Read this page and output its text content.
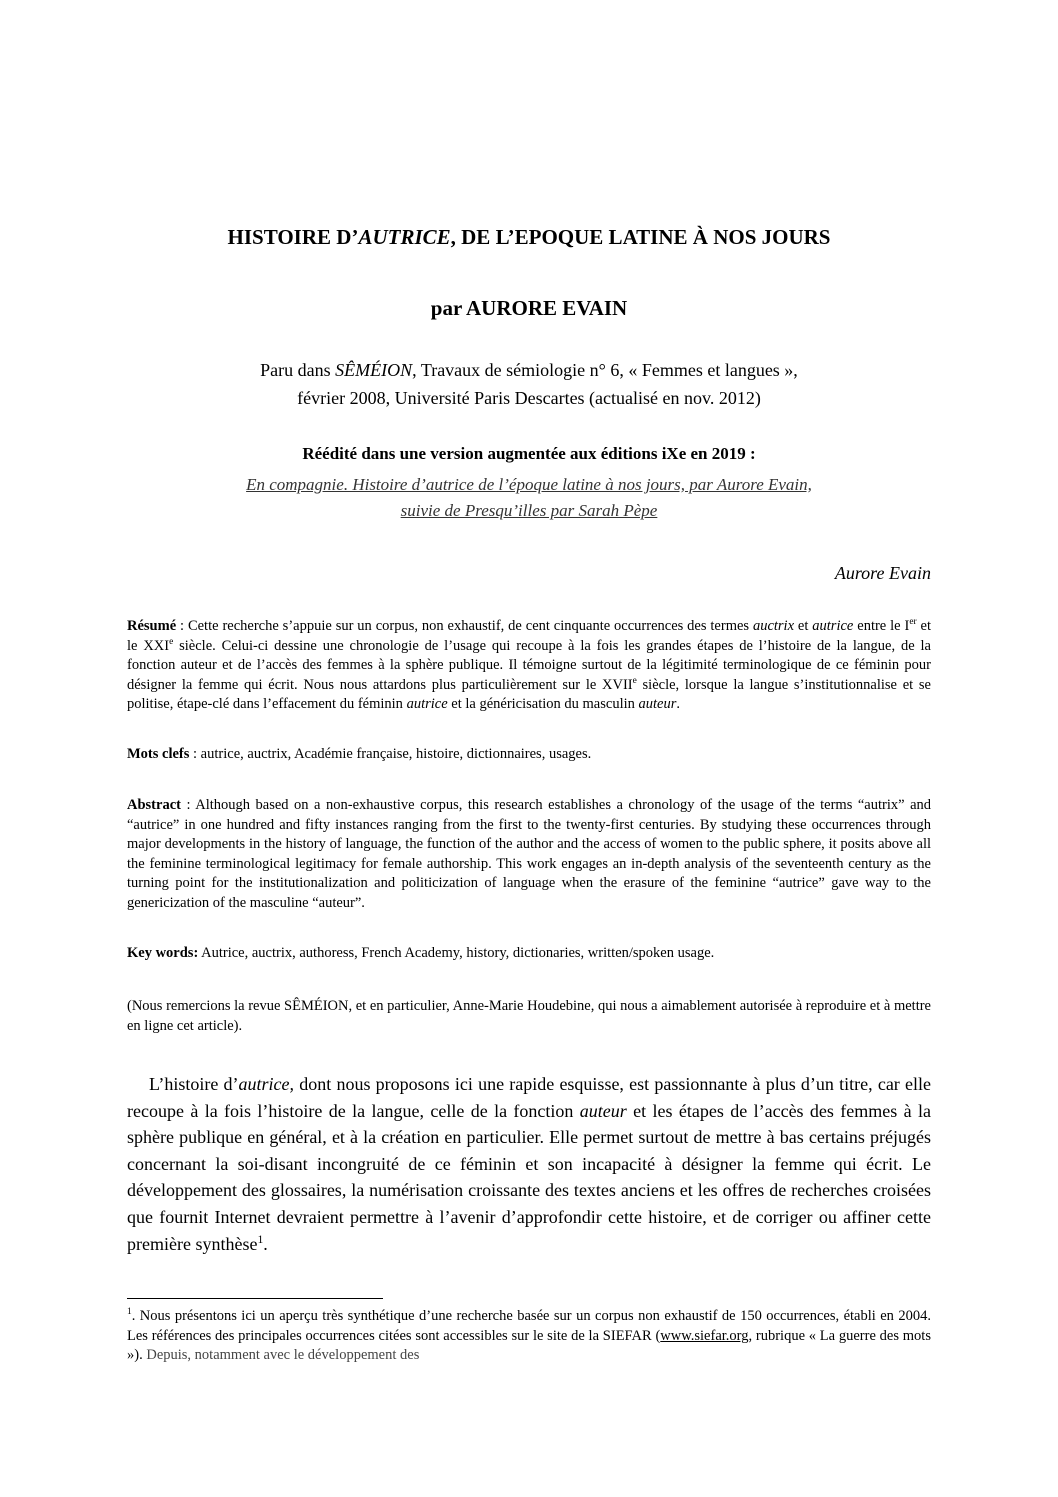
HISTOIRE D’AUTRICE, DE L’EPOQUE LATINE À NOS JOURS
par AURORE EVAIN
Paru dans SÊMÉION, Travaux de sémiologie n° 6, « Femmes et langues »,
février 2008, Université Paris Descartes (actualisé en nov. 2012)
Réédité dans une version augmentée aux éditions iXe en 2019 :
En compagnie. Histoire d’autrice de l’époque latine à nos jours, par Aurore Evain,
suivie de Presqu’illes par Sarah Pèpe
Aurore Evain
Résumé : Cette recherche s’appuie sur un corpus, non exhaustif, de cent cinquante occurrences des termes auctrix et autrice entre le Ier et le XXIe siècle. Celui-ci dessine une chronologie de l’usage qui recoupe à la fois les grandes étapes de l’histoire de la langue, de la fonction auteur et de l’accès des femmes à la sphère publique. Il témoigne surtout de la légitimité terminologique de ce féminin pour désigner la femme qui écrit. Nous nous attardons plus particulièrement sur le XVIIe siècle, lorsque la langue s’institutionnalise et se politise, étape-clé dans l’effacement du féminin autrice et la généricisation du masculin auteur.
Mots clefs : autrice, auctrix, Académie française, histoire, dictionnaires, usages.
Abstract : Although based on a non-exhaustive corpus, this research establishes a chronology of the usage of the terms “autrix” and “autrice” in one hundred and fifty instances ranging from the first to the twenty-first centuries. By studying these occurrences through major developments in the history of language, the function of the author and the access of women to the public sphere, it posits above all the feminine terminological legitimacy for female authorship. This work engages an in-depth analysis of the seventeenth century as the turning point for the institutionalization and politicization of language when the erasure of the feminine “autrice” gave way to the genericization of the masculine “auteur”.
Key words: Autrice, auctrix, authoress, French Academy, history, dictionaries, written/spoken usage.
(Nous remercions la revue SÊMÉION, et en particulier, Anne-Marie Houdebine, qui nous a aimablement autorisée à reproduire et à mettre en ligne cet article).
L’histoire d’autrice, dont nous proposons ici une rapide esquisse, est passionnante à plus d’un titre, car elle recoupe à la fois l’histoire de la langue, celle de la fonction auteur et les étapes de l’accès des femmes à la sphère publique en général, et à la création en particulier. Elle permet surtout de mettre à bas certains préjugés concernant la soi-disant incongruité de ce féminin et son incapacité à désigner la femme qui écrit. Le développement des glossaires, la numérisation croissante des textes anciens et les offres de recherches croisées que fournit Internet devraient permettre à l’avenir d’approfondir cette histoire, et de corriger ou affiner cette première synthèse$^1$.
$^1$. Nous présentons ici un aperçu très synthétique d’une recherche basée sur un corpus non exhaustif de 150 occurrences, établi en 2004. Les références des principales occurrences citées sont accessibles sur le site de la SIEFAR (www.siefar.org, rubrique « La guerre des mots »). Depuis, notamment avec le développement des
